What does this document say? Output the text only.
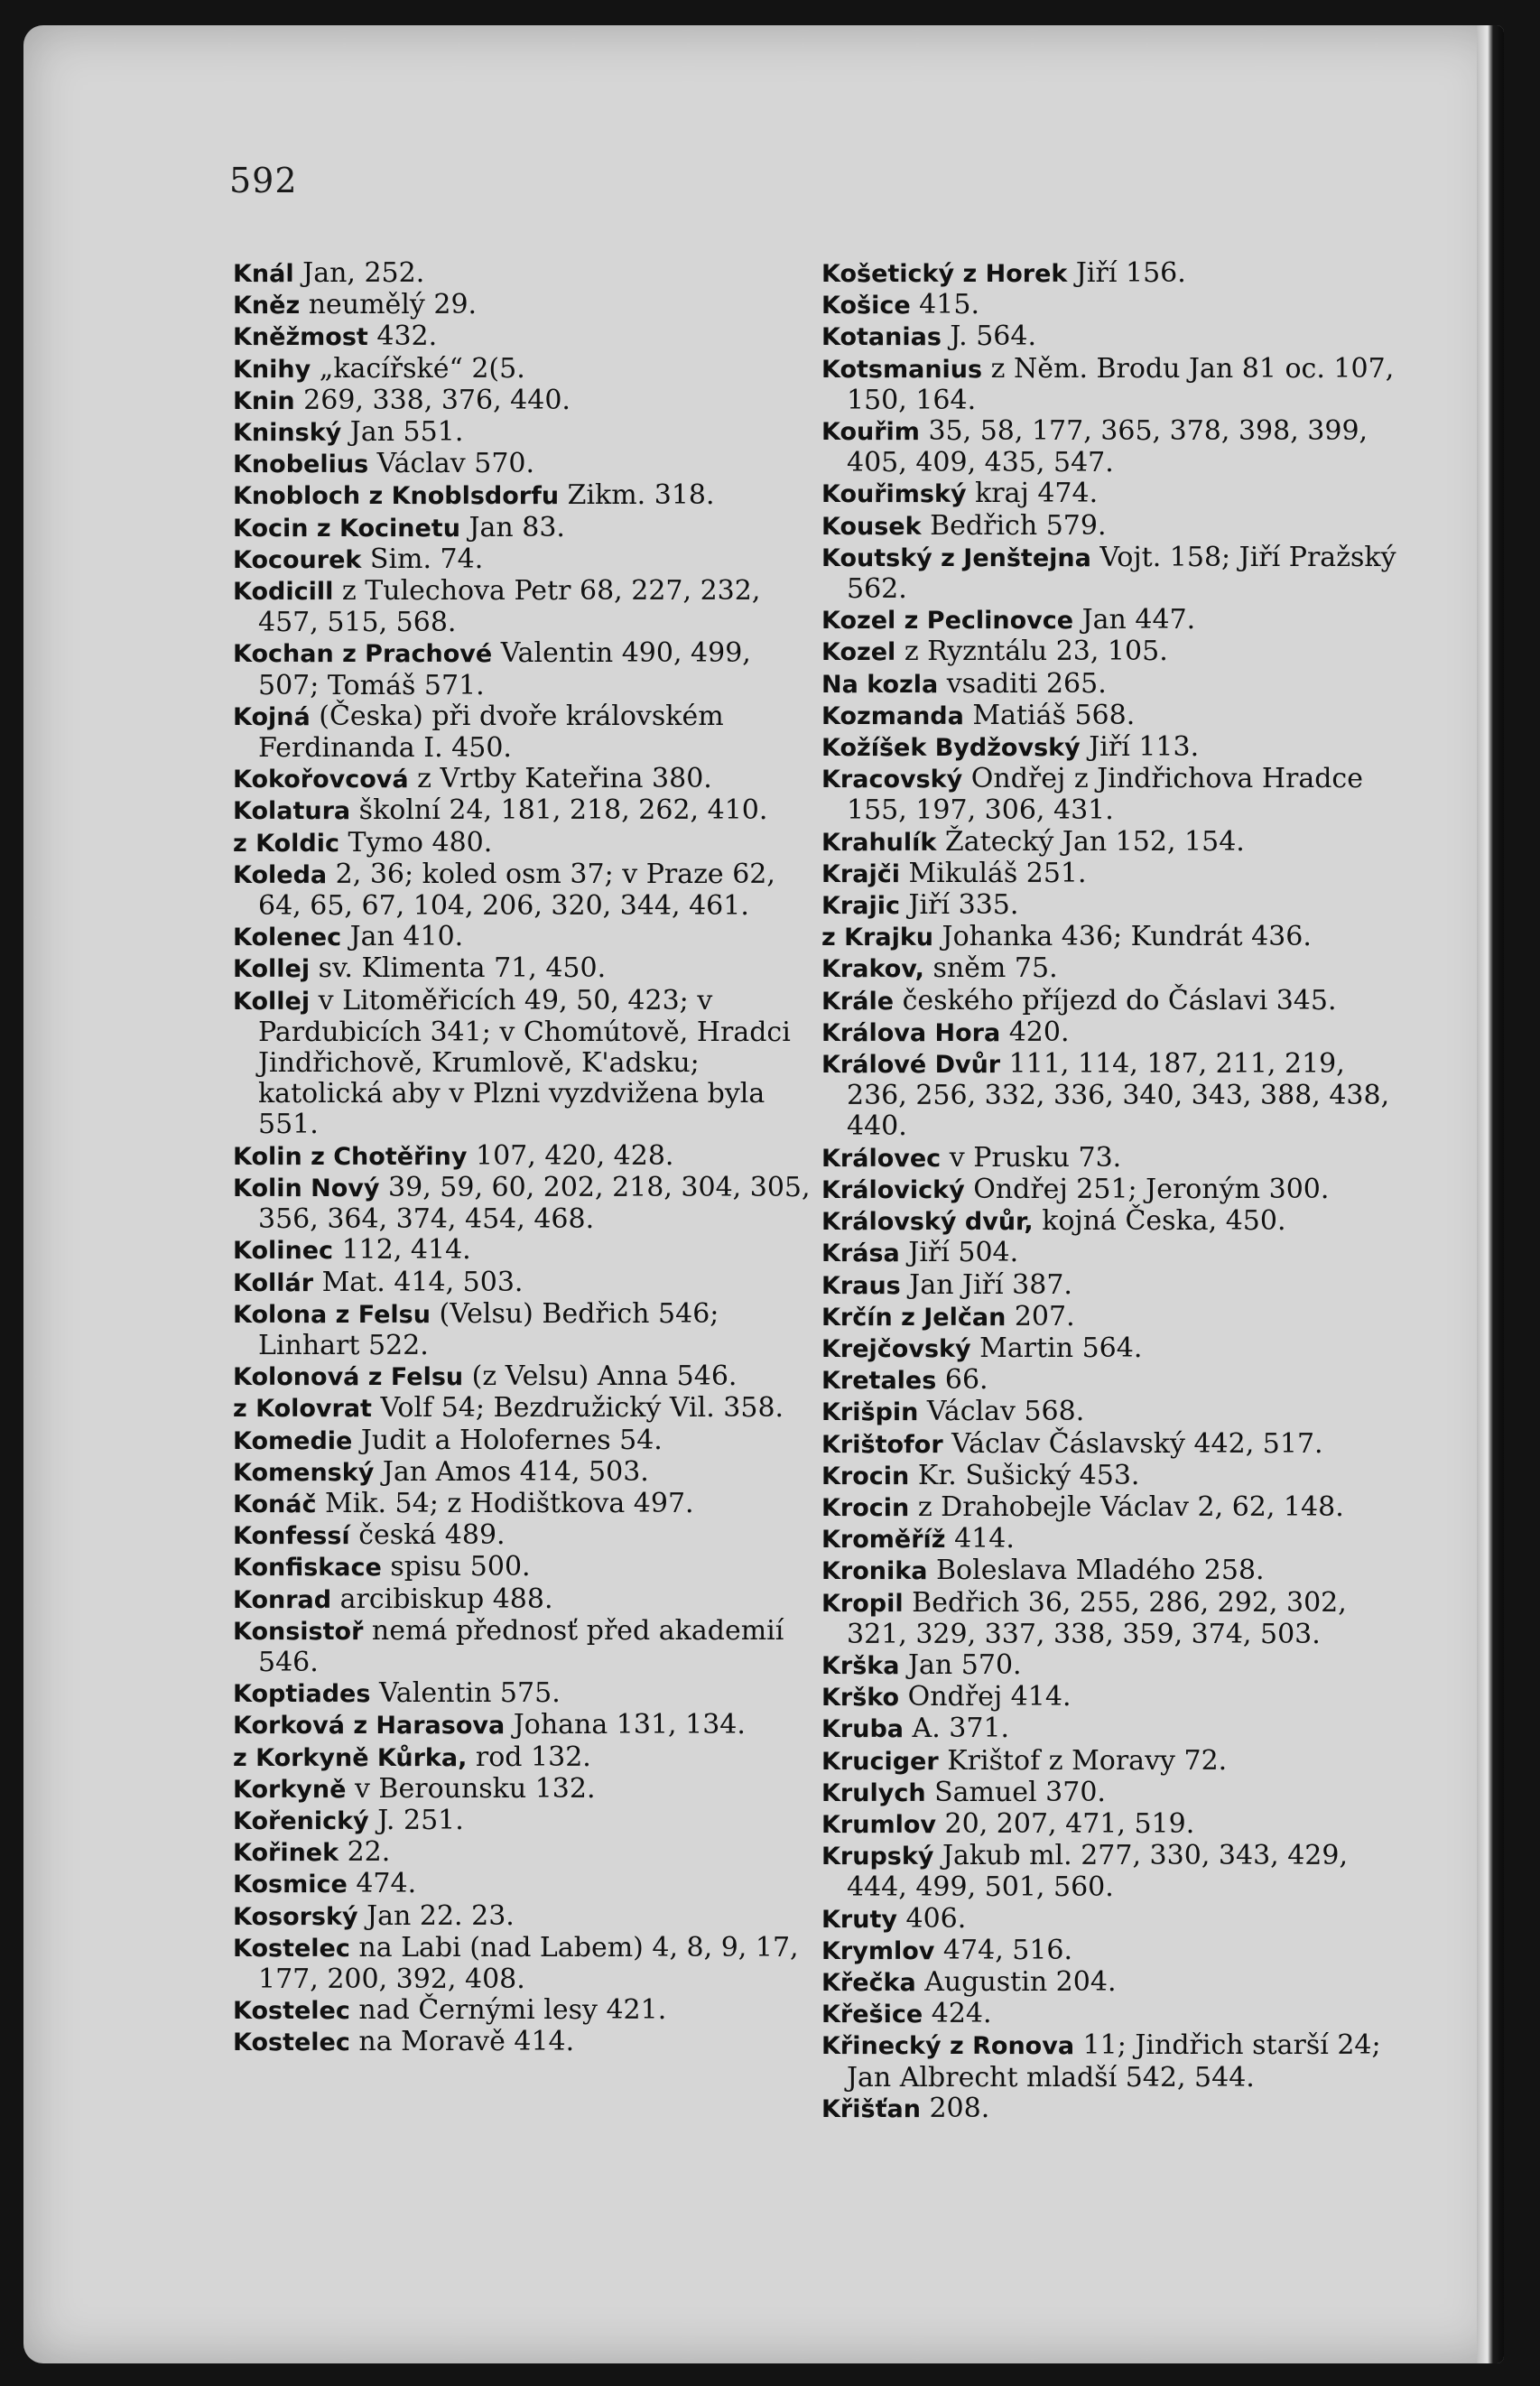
592
Knál Jan, 252.
Kněz neumělý 29.
Kněžmost 432.
Knihy „kacířské“ 2(5.
Knin 269, 338, 376, 440.
Kninský Jan 551.
Knobelius Václav 570.
Knobloch z Knoblsdorfu Zikm. 318.
Kocin z Kocinetu Jan 83.
Kocourek Sim. 74.
Kodicill z Tulechova Petr 68, 227, 232, 457, 515, 568.
Kochan z Prachové Valentin 490, 499, 507; Tomáš 571.
Kojná (Česka) při dvoře královském Ferdinanda I. 450.
Kokořovcová z Vrtby Kateřina 380.
Kolatura školní 24, 181, 218, 262, 410.
z Koldic Tymo 480.
Koleda 2, 36; koled osm 37; v Praze 62, 64, 65, 67, 104, 206, 320, 344, 461.
Kolenec Jan 410.
Kollej sv. Klimenta 71, 450.
Kollej v Litoměřicích 49, 50, 423; v Pardubicích 341; v Chomútově, Hradci Jindřichově, Krumlově, K'adsku; katolická aby v Plzni vyzdvižena byla 551.
Kolin z Chotěřiny 107, 420, 428.
Kolin Nový 39, 59, 60, 202, 218, 304, 305, 356, 364, 374, 454, 468.
Kolinec 112, 414.
Kollár Mat. 414, 503.
Kolona z Felsu (Velsu) Bedřich 546; Linhart 522.
Kolonová z Felsu (z Velsu) Anna 546.
z Kolovrat Volf 54; Bezdružický Vil. 358.
Komedie Judit a Holofernes 54.
Komenský Jan Amos 414, 503.
Konáč Mik. 54; z Hodištkova 497.
Konfessí česká 489.
Konfiskace spisu 500.
Konrad arcibiskup 488.
Konsistoř nemá přednosť před akademií 546.
Koptiades Valentin 575.
Korková z Harasova Johana 131, 134.
z Korkyně Kůrka, rod 132.
Korkyně v Berounsku 132.
Kořenický J. 251.
Kořinek 22.
Kosmice 474.
Kosorský Jan 22. 23.
Kostelec na Labi (nad Labem) 4, 8, 9, 17, 177, 200, 392, 408.
Kostelec nad Černými lesy 421.
Kostelec na Moravě 414.
Košetický z Horek Jiří 156.
Košice 415.
Kotanias J. 564.
Kotsmanius z Něm. Brodu Jan 81 oc. 107, 150, 164.
Kouřim 35, 58, 177, 365, 378, 398, 399, 405, 409, 435, 547.
Kouřimský kraj 474.
Kousek Bedřich 579.
Koutský z Jenštejna Vojt. 158; Jiří Pražský 562.
Kozel z Peclinovce Jan 447.
Kozel z Ryzntálu 23, 105.
Na kozla vsaditi 265.
Kozmanda Matiáš 568.
Kožíšek Bydžovský Jiří 113.
Kracovský Ondřej z Jindřichova Hradce 155, 197, 306, 431.
Krahulík Žatecký Jan 152, 154.
Krajči Mikuláš 251.
Krajic Jiří 335.
z Krajku Johanka 436; Kundrát 436.
Krakov, sněm 75.
Krále českého příjezd do Čáslavi 345.
Králova Hora 420.
Králové Dvůr 111, 114, 187, 211, 219, 236, 256, 332, 336, 340, 343, 388, 438, 440.
Královec v Prusku 73.
Královický Ondřej 251; Jeroným 300.
Královský dvůr, kojná Česka, 450.
Krása Jiří 504.
Kraus Jan Jiří 387.
Krčín z Jelčan 207.
Krejčovský Martin 564.
Kretales 66.
Krišpin Václav 568.
Krištofor Václav Čáslavský 442, 517.
Krocin Kr. Sušický 453.
Krocin z Drahobejle Václav 2, 62, 148.
Kroměříž 414.
Kronika Boleslava Mladého 258.
Kropil Bedřich 36, 255, 286, 292, 302, 321, 329, 337, 338, 359, 374, 503.
Krška Jan 570.
Krško Ondřej 414.
Kruba A. 371.
Kruciger Krištof z Moravy 72.
Krulych Samuel 370.
Krumlov 20, 207, 471, 519.
Krupský Jakub ml. 277, 330, 343, 429, 444, 499, 501, 560.
Kruty 406.
Krymlov 474, 516.
Křečka Augustin 204.
Křešice 424.
Křinecký z Ronova 11; Jindřich starší 24; Jan Albrecht mladší 542, 544.
Křišťan 208.
